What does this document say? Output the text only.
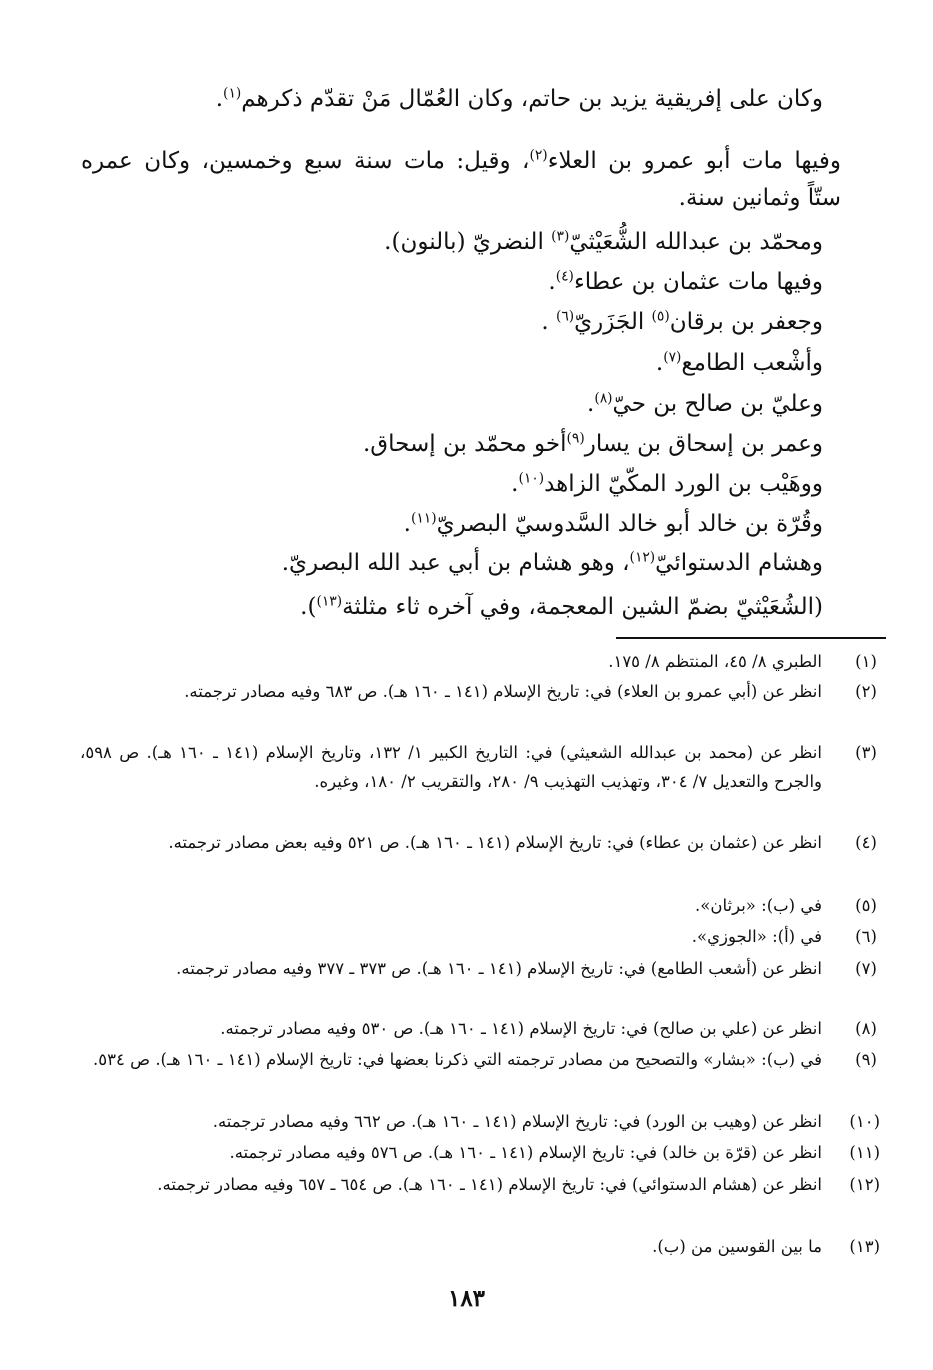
وكان على إفريقية يزيد بن حاتم، وكان العُمّال مَنْ تقدّم ذكرهم$^{(١)}$.
وفيها مات أبو عمرو بن العلاء$^{(٢)}$، وقيل: مات سنة سبع وخمسين، وكان عمره
ستّاً وثمانين سنة.
ومحمّد بن عبدالله الشُّعَيْثيّ$^{(٣)}$ النضريّ (بالنون).
وفيها مات عثمان بن عطاء$^{(٤)}$.
وجعفر بن برقان$^{(٥)}$ الجَزَريّ$^{(٦)}$ .
وأشْعب الطامع$^{(٧)}$.
وعليّ بن صالح بن حيّ$^{(٨)}$.
وعمر بن إسحاق بن يسار$^{(٩)}$أخو محمّد بن إسحاق.
ووهَيْب بن الورد المكّيّ الزاهد$^{(١٠)}$.
وقُرّة بن خالد أبو خالد السَّدوسيّ البصريّ$^{(١١)}$.
وهشام الدستوائيّ$^{(١٢)}$، وهو هشام بن أبي عبد الله البصريّ.
(الشُعَيْثيّ بضمّ الشين المعجمة، وفي آخره ثاء مثلثة$^{(١٣)}$).
(١)
الطبري ٨/ ٤٥، المنتظم ٨/ ١٧٥.
(٢)
انظر عن (أبي عمرو بن العلاء) في: تاريخ الإسلام (١٤١ ـ ١٦٠ هـ). ص ٦٨٣ وفيه مصادر ترجمته.
(٣)
انظر عن (محمد بن عبدالله الشعيثي) في: التاريخ الكبير ١/ ١٣٢، وتاريخ الإسلام (١٤١ ـ ١٦٠ هـ). ص ٥٩٨، والجرح والتعديل ٧/ ٣٠٤، وتهذيب التهذيب ٩/ ٢٨٠، والتقريب ٢/ ١٨٠، وغيره.
(٤)
انظر عن (عثمان بن عطاء) في: تاريخ الإسلام (١٤١ ـ ١٦٠ هـ). ص ٥٢١ وفيه بعض مصادر ترجمته.
(٥)
في (ب): «برثان».
(٦)
في (أ): «الجوزي».
(٧)
انظر عن (أشعب الطامع) في: تاريخ الإسلام (١٤١ ـ ١٦٠ هـ). ص ٣٧٣ ـ ٣٧٧ وفيه مصادر ترجمته.
(٨)
انظر عن (علي بن صالح) في: تاريخ الإسلام (١٤١ ـ ١٦٠ هـ). ص ٥٣٠ وفيه مصادر ترجمته.
(٩)
في (ب): «بشار» والتصحيح من مصادر ترجمته التي ذكرنا بعضها في: تاريخ الإسلام (١٤١ ـ ١٦٠ هـ). ص ٥٣٤.
(١٠)
انظر عن (وهيب بن الورد) في: تاريخ الإسلام (١٤١ ـ ١٦٠ هـ). ص ٦٦٢ وفيه مصادر ترجمته.
(١١)
انظر عن (قرّة بن خالد) في: تاريخ الإسلام (١٤١ ـ ١٦٠ هـ). ص ٥٧٦ وفيه مصادر ترجمته.
(١٢)
انظر عن (هشام الدستوائي) في: تاريخ الإسلام (١٤١ ـ ١٦٠ هـ). ص ٦٥٤ ـ ٦٥٧ وفيه مصادر ترجمته.
(١٣)
ما بين القوسين من (ب).
١٨٣
